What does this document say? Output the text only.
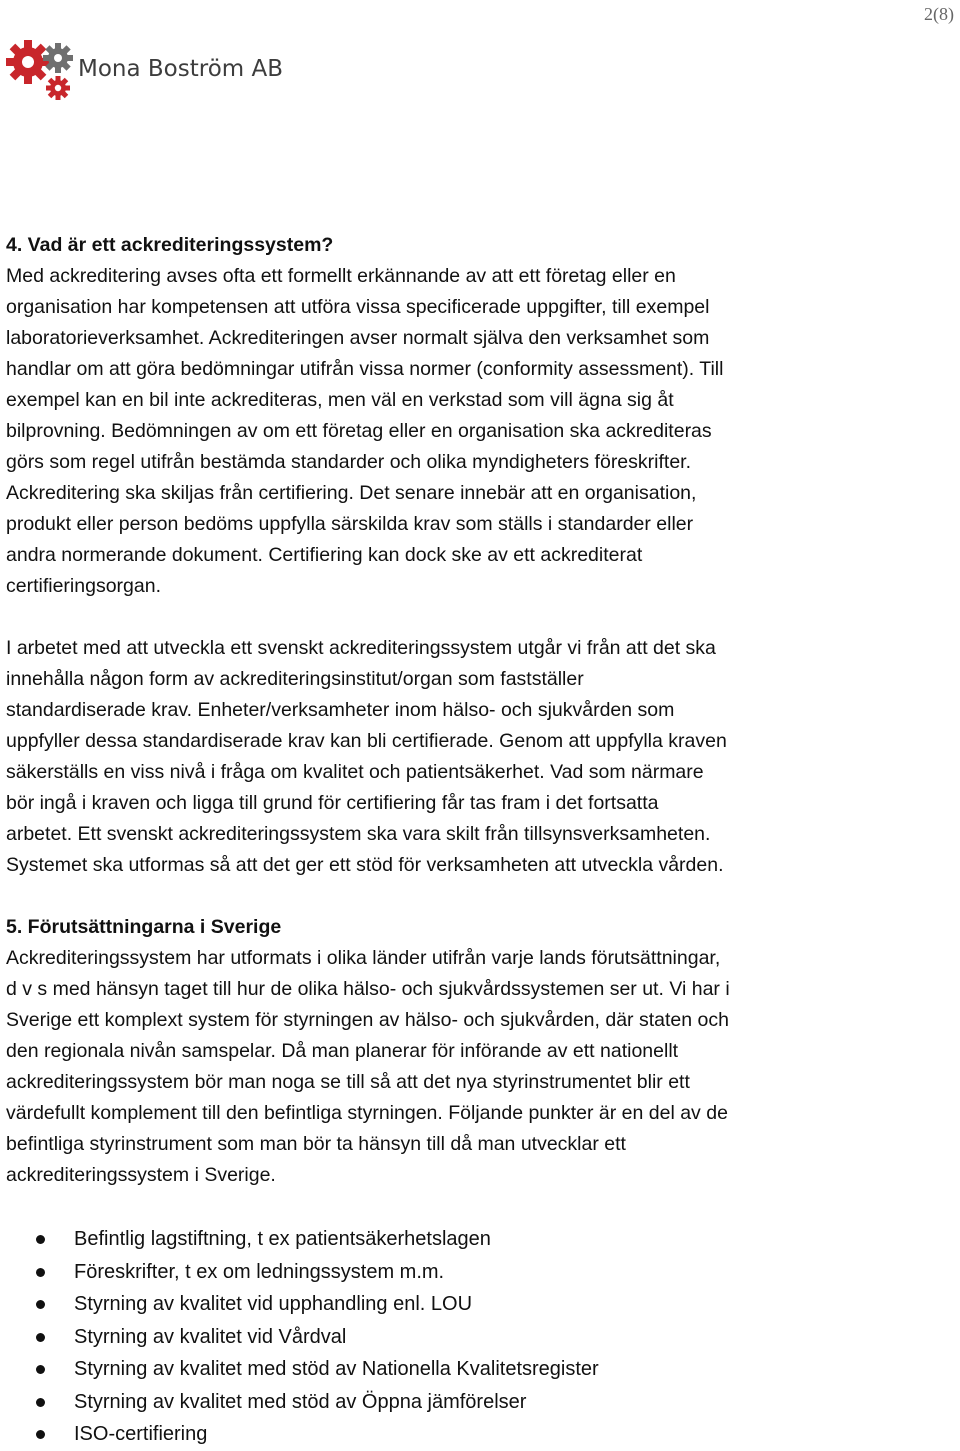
2(8)
Mona Boström AB
4. Vad är ett ackrediteringssystem?
Med ackreditering avses ofta ett formellt erkännande av att ett företag eller en
organisation har kompetensen att utföra vissa specificerade uppgifter, till exempel
laboratorieverksamhet. Ackrediteringen avser normalt själva den verksamhet som
handlar om att göra bedömningar utifrån vissa normer (conformity assessment). Till
exempel kan en bil inte ackrediteras, men väl en verkstad som vill ägna sig åt
bilprovning. Bedömningen av om ett företag eller en organisation ska ackrediteras
görs som regel utifrån bestämda standarder och olika myndigheters föreskrifter.
Ackreditering ska skiljas från certifiering. Det senare innebär att en organisation,
produkt eller person bedöms uppfylla särskilda krav som ställs i standarder eller
andra normerande dokument. Certifiering kan dock ske av ett ackrediterat
certifieringsorgan.
I arbetet med att utveckla ett svenskt ackrediteringssystem utgår vi från att det ska
innehålla någon form av ackrediteringsinstitut/organ som fastställer
standardiserade krav. Enheter/verksamheter inom hälso- och sjukvården som
uppfyller dessa standardiserade krav kan bli certifierade. Genom att uppfylla kraven
säkerställs en viss nivå i fråga om kvalitet och patientsäkerhet. Vad som närmare
bör ingå i kraven och ligga till grund för certifiering får tas fram i det fortsatta
arbetet. Ett svenskt ackrediteringssystem ska vara skilt från tillsynsverksamheten.
Systemet ska utformas så att det ger ett stöd för verksamheten att utveckla vården.
5. Förutsättningarna i Sverige
Ackrediteringssystem har utformats i olika länder utifrån varje lands förutsättningar,
d v s med hänsyn taget till hur de olika hälso- och sjukvårdssystemen ser ut. Vi har i
Sverige ett komplext system för styrningen av hälso- och sjukvården, där staten och
den regionala nivån samspelar. Då man planerar för införande av ett nationellt
ackrediteringssystem bör man noga se till så att det nya styrinstrumentet blir ett
värdefullt komplement till den befintliga styrningen. Följande punkter är en del av de
befintliga styrinstrument som man bör ta hänsyn till då man utvecklar ett
ackrediteringssystem i Sverige.
Befintlig lagstiftning, t ex patientsäkerhetslagen
Föreskrifter, t ex om ledningssystem m.m.
Styrning av kvalitet vid upphandling enl. LOU
Styrning av kvalitet vid Vårdval
Styrning av kvalitet med stöd av Nationella Kvalitetsregister
Styrning av kvalitet med stöd av Öppna jämförelser
ISO-certifiering
